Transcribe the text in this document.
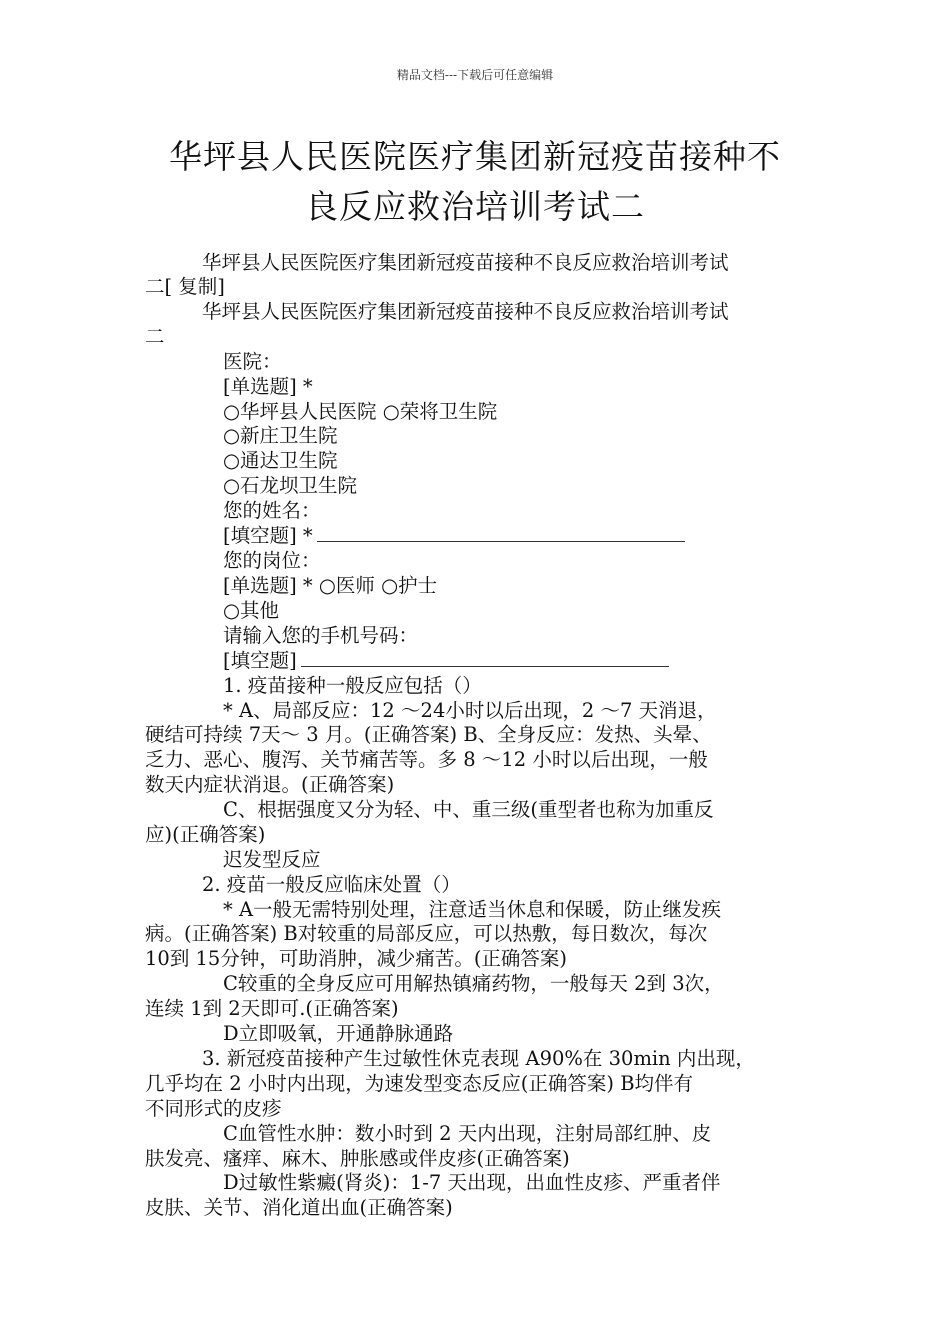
精品文档---下载后可任意编辑
华坪县人民医院医疗集团新冠疫苗接种不
良反应救治培训考试二
华坪县人民医院医疗集团新冠疫苗接种不良反应救治培训考试
二[ 复制]
华坪县人民医院医疗集团新冠疫苗接种不良反应救治培训考试
二
医院：
[单选题] *
○华坪县人民医院 ○荣将卫生院
○新庄卫生院
○通达卫生院
○石龙坝卫生院
您的姓名：
[填空题] *
您的岗位：
[单选题] * ○医师 ○护士
○其他
请输入您的手机号码：
[填空题]
1. 疫苗接种一般反应包括（）
* A、局部反应：12 ～24小时以后出现，2 ～7 天消退，
硬结可持续 7天～ 3 月。(正确答案) B、全身反应：发热、头晕、
乏力、恶心、腹泻、关节痛苦等。多 8 ～12 小时以后出现，一般
数天内症状消退。(正确答案)
C、根据强度又分为轻、中、重三级(重型者也称为加重反
应)(正确答案)
迟发型反应
2. 疫苗一般反应临床处置（）
* A一般无需特别处理，注意适当休息和保暖，防止继发疾
病。(正确答案) B对较重的局部反应，可以热敷，每日数次，每次
10到 15分钟，可助消肿，减少痛苦。(正确答案)
C较重的全身反应可用解热镇痛药物，一般每天 2到 3次，
连续 1到 2天即可.(正确答案)
D立即吸氧，开通静脉通路
3. 新冠疫苗接种产生过敏性休克表现 A90%在 30min 内出现，
几乎均在 2 小时内出现，为速发型变态反应(正确答案) B均伴有
不同形式的皮疹
C血管性水肿：数小时到 2 天内出现，注射局部红肿、皮
肤发亮、瘙痒、麻木、肿胀感或伴皮疹(正确答案)
D过敏性紫癜(肾炎)：1-7 天出现，出血性皮疹、严重者伴
皮肤、关节、消化道出血(正确答案)
